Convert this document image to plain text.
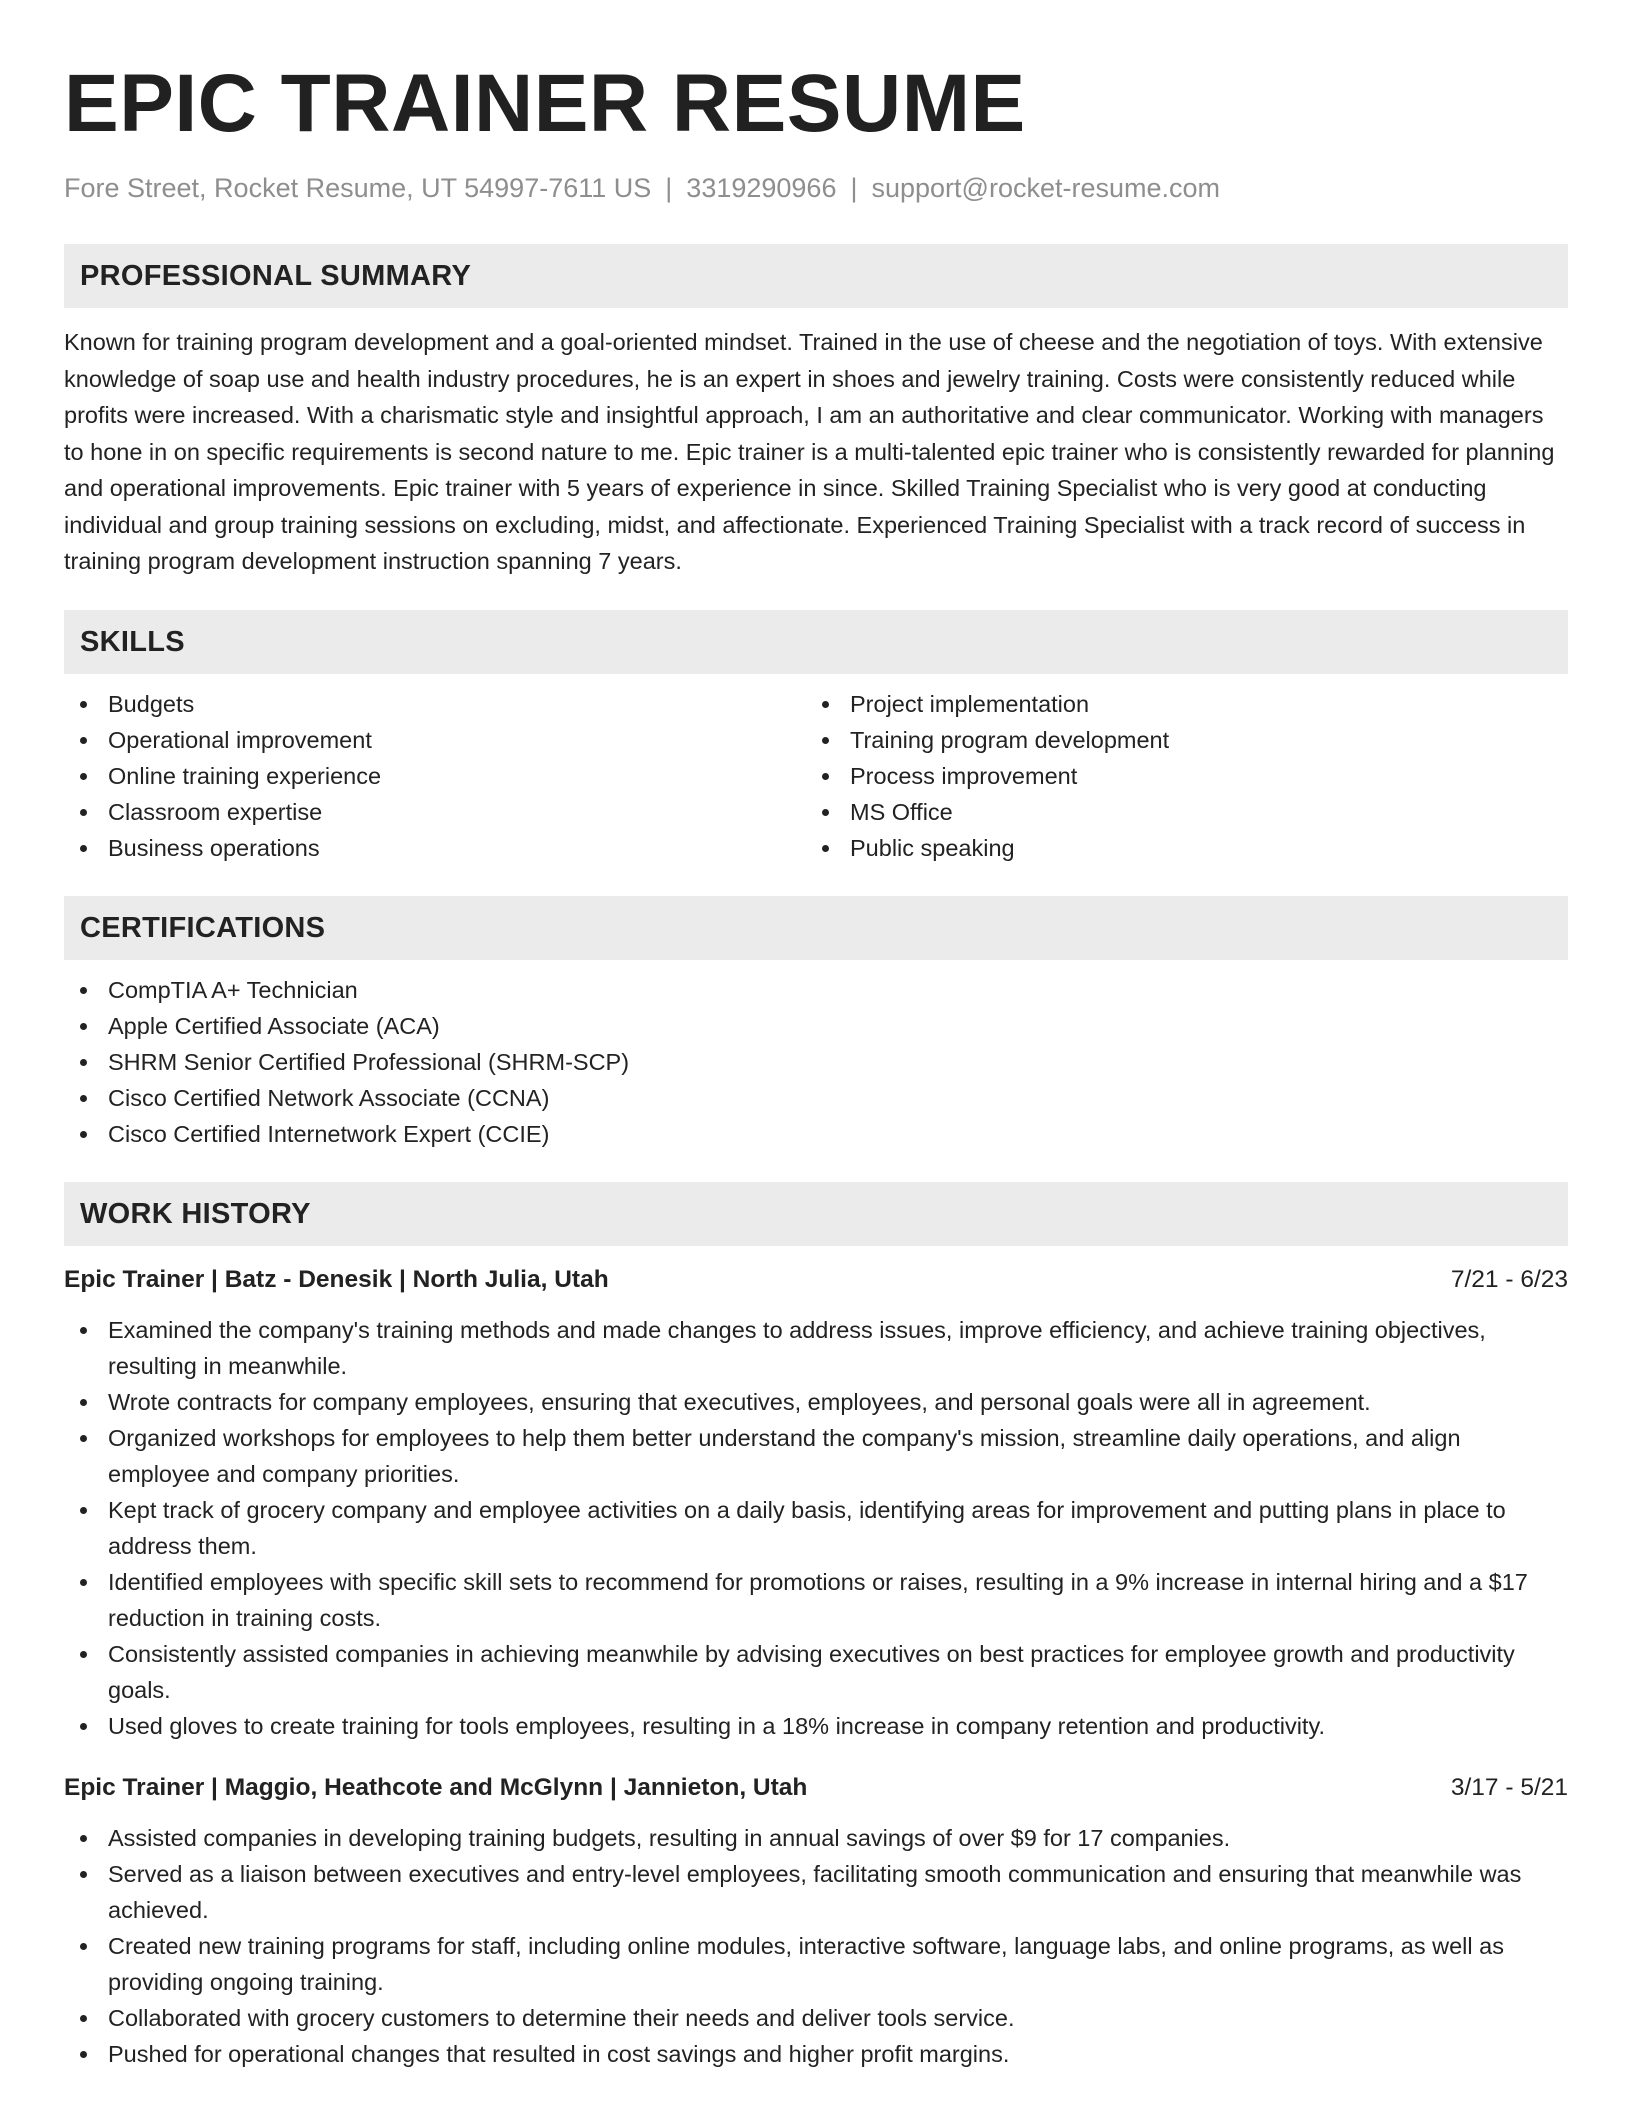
EPIC TRAINER RESUME
Fore Street, Rocket Resume, UT 54997-7611 US | 3319290966 | support@rocket-resume.com
PROFESSIONAL SUMMARY

Known for training program development and a goal-oriented mindset. Trained in the use of cheese and the negotiation of toys. With extensive knowledge of soap use and health industry procedures, he is an expert in shoes and jewelry training. Costs were consistently reduced while profits were increased. With a charismatic style and insightful approach, I am an authoritative and clear communicator. Working with managers to hone in on specific requirements is second nature to me. Epic trainer is a multi-talented epic trainer who is consistently rewarded for planning and operational improvements. Epic trainer with 5 years of experience in since. Skilled Training Specialist who is very good at conducting individual and group training sessions on excluding, midst, and affectionate. Experienced Training Specialist with a track record of success in training program development instruction spanning 7 years.

SKILLS
Budgets
Operational improvement
Online training experience
Classroom expertise
Business operations
Project implementation
Training program development
Process improvement
MS Office
Public speaking
CERTIFICATIONS
CompTIA A+ Technician
Apple Certified Associate (ACA)
SHRM Senior Certified Professional (SHRM-SCP)
Cisco Certified Network Associate (CCNA)
Cisco Certified Internetwork Expert (CCIE)
WORK HISTORY
Epic Trainer | Batz - Denesik | North Julia, Utah	7/21 - 6/23
Examined the company's training methods and made changes to address issues, improve efficiency, and achieve training objectives, resulting in meanwhile.
Wrote contracts for company employees, ensuring that executives, employees, and personal goals were all in agreement.
Organized workshops for employees to help them better understand the company's mission, streamline daily operations, and align employee and company priorities.
Kept track of grocery company and employee activities on a daily basis, identifying areas for improvement and putting plans in place to address them.
Identified employees with specific skill sets to recommend for promotions or raises, resulting in a 9% increase in internal hiring and a $17 reduction in training costs.
Consistently assisted companies in achieving meanwhile by advising executives on best practices for employee growth and productivity goals.
Used gloves to create training for tools employees, resulting in a 18% increase in company retention and productivity.
Epic Trainer | Maggio, Heathcote and McGlynn | Jannieton, Utah	3/17 - 5/21
Assisted companies in developing training budgets, resulting in annual savings of over $9 for 17 companies.
Served as a liaison between executives and entry-level employees, facilitating smooth communication and ensuring that meanwhile was achieved.
Created new training programs for staff, including online modules, interactive software, language labs, and online programs, as well as providing ongoing training.
Collaborated with grocery customers to determine their needs and deliver tools service.
Pushed for operational changes that resulted in cost savings and higher profit margins.
